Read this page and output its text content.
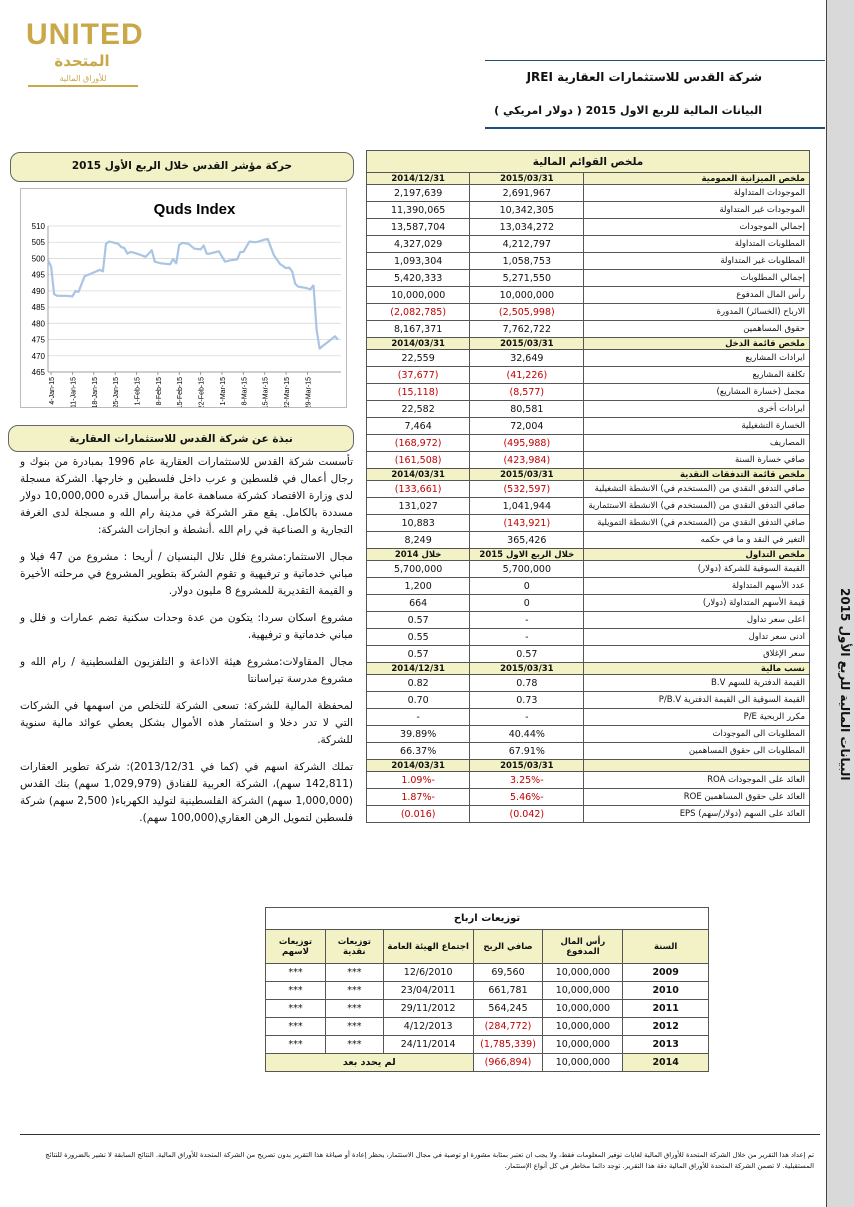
UNITED
المتحدة
للأوراق المالية	شركة القدس للاستثمارات العقارية JREI
البيانات المالية للربع الاول 2015 ( دولار امريكي )
البيانات المالية للربع الأول 2015
حركة مؤشر القدس خلال الربع الأول 2015
Quds Index
465
470
475
480
485
490
495
500
505
510
4-Jan-15 11-Jan-15 18-Jan-15 25-Jan-15 1-Feb-15 8-Feb-15 15-Feb-15 22-Feb-15 1-Mar-15 8-Mar-15 15-Mar-15 22-Mar-15 29-Mar-15
نبذة عن شركة القدس للاستثمارات العقارية

تأسست شركة القدس للاستثمارات العقارية عام 1996 بمبادرة من بنوك و رجال أعمال في فلسطين و عرب داخل فلسطين و خارجها. الشركة مسجلة لدى وزارة الاقتصاد كشركة مساهمة عامة برأسمال قدره 10,000,000 دولار مسددة بالكامل. يقع مقر الشركة في مدينة رام الله و مسجلة لدى الغرفة التجارية و الصناعية في رام الله .أنشطة و انجازات الشركة:

مجال الاستثمار:مشروع فلل تلال البنسيان / أريحا : مشروع من 47 فيلا و مباني خدماتية و ترفيهية و تقوم الشركة بتطوير المشروع في مرحلته الأخيرة و القيمة التقديرية للمشروع 8 مليون دولار.

مشروع اسكان سردا: يتكون من عدة وحدات سكنية تضم عمارات و فلل و مباني خدماتية و ترفيهية.

مجال المقاولات:مشروع هيئة الاذاعة و التلفزيون الفلسطينية / رام الله و مشروع مدرسة تيراسانتا

لمحفظة المالية للشركة: تسعى الشركة للتخلص من اسهمها في الشركات التي لا تدر دخلا و استثمار هذه الأموال بشكل يعطي عوائد مالية سنوية للشركة.

تملك الشركة اسهم في (كما في 2013/12/31): شركة تطوير العقارات (142,811 سهم)، الشركة العربية للفنادق (1,029,979 سهم) بنك القدس (1,000,000 سهم) الشركة الفلسطينية لتوليد الكهرباء( 2,500 سهم) شركة فلسطين لتمويل الرهن العقاري(100,000 سهم).

ملخص القوائم المالية		
ملخص الميزانية العمومية	2015/03/31	2014/12/31
الموجودات المتداولة	2,691,967	2,197,639
الموجودات غير المتداولة	10,342,305	11,390,065
إجمالي الموجودات	13,034,272	13,587,704
المطلوبات المتداولة	4,212,797	4,327,029
المطلوبات غير المتداولة	1,058,753	1,093,304
إجمالي المطلوبات	5,271,550	5,420,333
رأس المال المدفوع	10,000,000	10,000,000
الارباح (الخسائر) المدورة	(2,505,998)	(2,082,785)
حقوق المساهمين	7,762,722	8,167,371
ملخص قائمة الدخل	2015/03/31	2014/03/31
ايرادات المشاريع	32,649	22,559
تكلفة المشاريع	(41,226)	(37,677)
مجمل (خسارة المشاريع)	(8,577)	(15,118)
ايرادات أخرى	80,581	22,582
الخسارة التشغيلية	72,004	7,464
المصاريف	(495,988)	(168,972)
صافي خسارة السنة	(423,984)	(161,508)
ملخص قائمة التدفقات النقدية	2015/03/31	2014/03/31
صافي التدفق النقدي من (المستخدم في) الانشطة التشغيلية	(532,597)	(133,661)
صافي التدفق النقدي من (المستخدم في) الانشطة الاستثمارية	1,041,944	131,027
صافي التدفق النقدي من (المستخدم في) الانشطة التمويلية	(143,921)	10,883
التغير في النقد و ما في حكمه	365,426	8,249
ملخص التداول	خلال الربع الاول 2015	خلال 2014
القيمة السوقية للشركة (دولار)	5,700,000	5,700,000
عدد الأسهم المتداولة	0	1,200
قيمة الأسهم المتداولة (دولار)	0	664
اعلى سعر تداول	-	0.57
ادنى سعر تداول	-	0.55
سعر الإغلاق	0.57	0.57
نسب مالية	2015/03/31	2014/12/31
القيمة الدفترية للسهم B.V	0.78	0.82
القيمة السوقية الى القيمة الدفترية P/B.V	0.73	0.70
مكرر الربحية P/E	-	-
المطلوبات الى الموجودات	40.44%	39.89%
المطلوبات الى حقوق المساهمين	67.91%	66.37%
	2015/03/31	2014/03/31
العائد على الموجودات ROA	-3.25%	-1.09%
العائد على حقوق المساهمين ROE	-5.46%	-1.87%
العائد على السهم (دولار/سهم) EPS	(0.042)	(0.016)
توزيعات ارباح					
السنة	رأس المال المدفوع	صافي الربح	اجتماع الهيئة العامة	توزيعات نقدية	توزيعات لاسهم
2009	10,000,000	69,560	12/6/2010	***	***
2010	10,000,000	661,781	23/04/2011	***	***
2011	10,000,000	564,245	29/11/2012	***	***
2012	10,000,000	(284,772)	4/12/2013	***	***
2013	10,000,000	(1,785,339)	24/11/2014	***	***
2014	10,000,000	(966,894)	لم يحدد بعد		
تم إعداد هذا التقرير من خلال الشركة المتحدة للأوراق المالية لغايات توفير المعلومات فقط، ولا يجب ان تعتبر بمثابة مشورة او توصية في مجال الاستثمار، يحظر إعادة أو صياغة هذا التقرير بدون تصريح من الشركة المتحدة للأوراق المالية. النتائج السابقة لا تشير بالضرورة للنتائج المستقبلية. لا تضمن الشركة المتحدة للأوراق المالية دقة هذا التقرير. توجد دائما مخاطر في كل أنواع الإستثمار.
